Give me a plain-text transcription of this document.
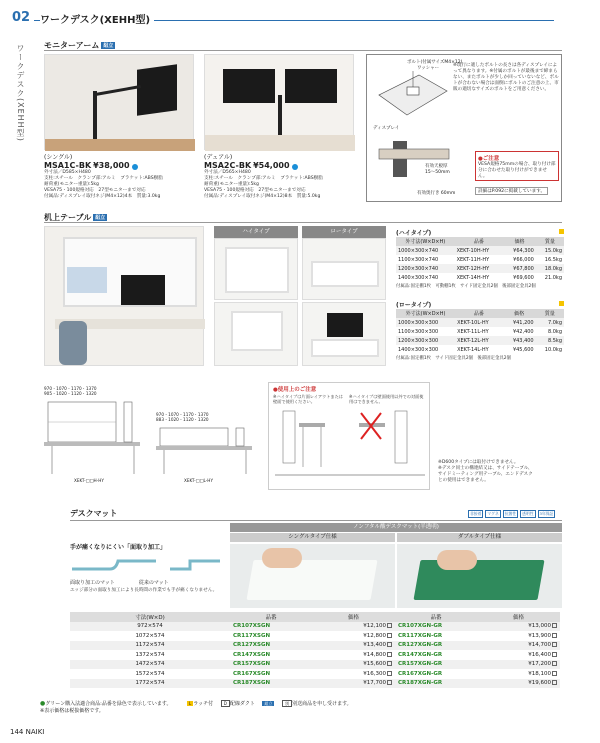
02 ワークデスク(XEHH型)
ワークデスク(XEHH型) モニターアーム 組立
(シングル)
MSA1C-BK ¥38,000
外寸法／D585×H480
支柱:スチール　クランプ部:アルミ　ブラケット:ABS樹脂
耐荷重(モニター重量):5kg
VESA75・100規格対応　27型モニターまで対応
付属品:ディスプレイ取付ネジ(M4×12)4本　質量:3.0kg
(デュアル)
MSA2C-BK ¥54,000
外寸法／D565×H480
支柱:スチール　クランプ部:アルミ　ブラケット:ABS樹脂
耐荷重(モニター重量):5kg
VESA75・100規格対応　27型モニターまで対応
付属品:ディスプレイ取付ネジ(M4×12)8本　質量:5.0kg
ボルト(付属サイズM4×12)
ワッシャー
ディスプレイ
※現行に適したボルトの長さは各ディスプレイによって異なります。※付属のボルトが最後まで締まらない、またボルトが少しか回っていないなど、ボルトが合わない場合は面倒にボルトのご注意の上、市販の適切なサイズのボルトをご用意ください。
有効天板厚
15～50mm
有効奥行き 60mm
●ご注意
VESA規格75mmの場合、取り付け部分に合わせた取り付けができません。
詳細はP.092に掲載しています。
机上テーブル 組立
ハイタイプ	ロータイプ	(ハイタイプ)
外寸法(W×D×H)	品番	価格	質量
1000×300×740	XEKT-10H-HY	¥64,300	15.0kg
1100×300×740	XEKT-11H-HY	¥66,000	16.5kg
1200×300×740	XEKT-12H-HY	¥67,800	18.0kg
1400×300×740	XEKT-14H-HY	¥69,600	21.0kg
付属品:固定棚1枚　可動棚1枚　サイド固定金具2個　後部固定金具2個
(ロータイプ)
外寸法(W×D×H)	品番	価格	質量
1000×300×300	XEKT-10L-HY	¥41,200	7.0kg
1100×300×300	XEKT-11L-HY	¥42,400	8.0kg
1200×300×300	XEKT-12L-HY	¥43,400	8.5kg
1400×300×300	XEKT-14L-HY	¥45,600	10.0kg
付属品:固定棚1枚　サイド固定金具2個　後部固定金具2個
970・1070・1170・1370
905・1020・1120・1320
XEKT-□□H-HY
970・1070・1170・1370
883・1020・1120・1320
XEKT-□□L-HY
●使用上のご注意
※ハイタイプは片面レイアウトまたは壁面で使用ください。
※ハイタイプは壁面使用以外での対面使用はできません。
※D600タイプには取付けできません。
※デスク同士の構連結又は、サイドテーブル、
サイドミーティング用テーブル、エンドデスク
との使用はできません。
デスクマット	非接着	マグネ	抗菌性	透明性	3年保証
ノンフタル酸デスクマット(半透明)
シングルタイプ仕様	ダブルタイプ仕様
手が痛くなりにくい「面取り加工」
面取り加工のマット	従来のマット
エッジ部分の面取り加工により長時間の作業でも手が痛くなりません。
寸法(W×D)	品番	価格	品番	価格
972×574	CR107XSGN	¥12,100	CR107XGN-GR	¥13,000
1072×574	CR117XSGN	¥12,800	CR117XGN-GR	¥13,900
1172×574	CR127XSGN	¥13,400	CR127XGN-GR	¥14,700
1372×574	CR147XSGN	¥14,800	CR147XGN-GR	¥16,400
1472×574	CR157XSGN	¥15,600	CR157XGN-GR	¥17,200
1572×574	CR167XSGN	¥16,300	CR167XGN-GR	¥18,100
1772×574	CR187XSGN	¥17,700	CR187XGN-GR	¥19,600
●グリーン購入法適合商品:品番を緑色で表示しています。	L ラッチ付	D 配線ダクト 組立	別 別送商品を申し受けます。
※表示価格は税抜価格です。
144 NAIKI
